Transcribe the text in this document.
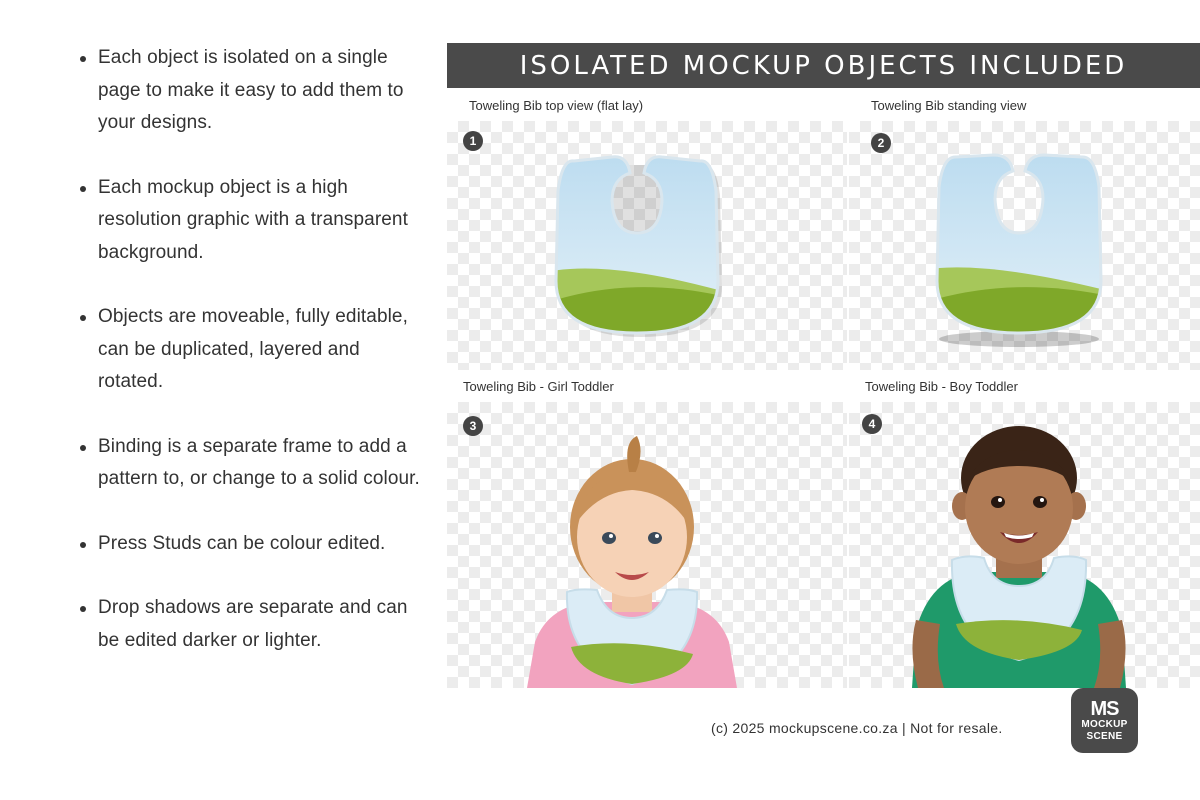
Each object is isolated on a single page to make it easy to add them to your designs.
Each mockup object is a high resolution graphic with a transparent background.
Objects are moveable, fully editable, can be duplicated, layered and rotated.
Binding is a separate frame to add a pattern to, or change to a solid colour.
Press Studs can be colour edited.
Drop shadows are separate and can be edited darker or lighter.
ISOLATED MOCKUP OBJECTS INCLUDED
Toweling Bib top view (flat lay)	Toweling Bib standing view
Toweling Bib - Girl Toddler	Toweling Bib - Boy Toddler
1	2
3	4
(c) 2025 mockupscene.co.za | Not for resale.
MS
MOCKUP
SCENE
